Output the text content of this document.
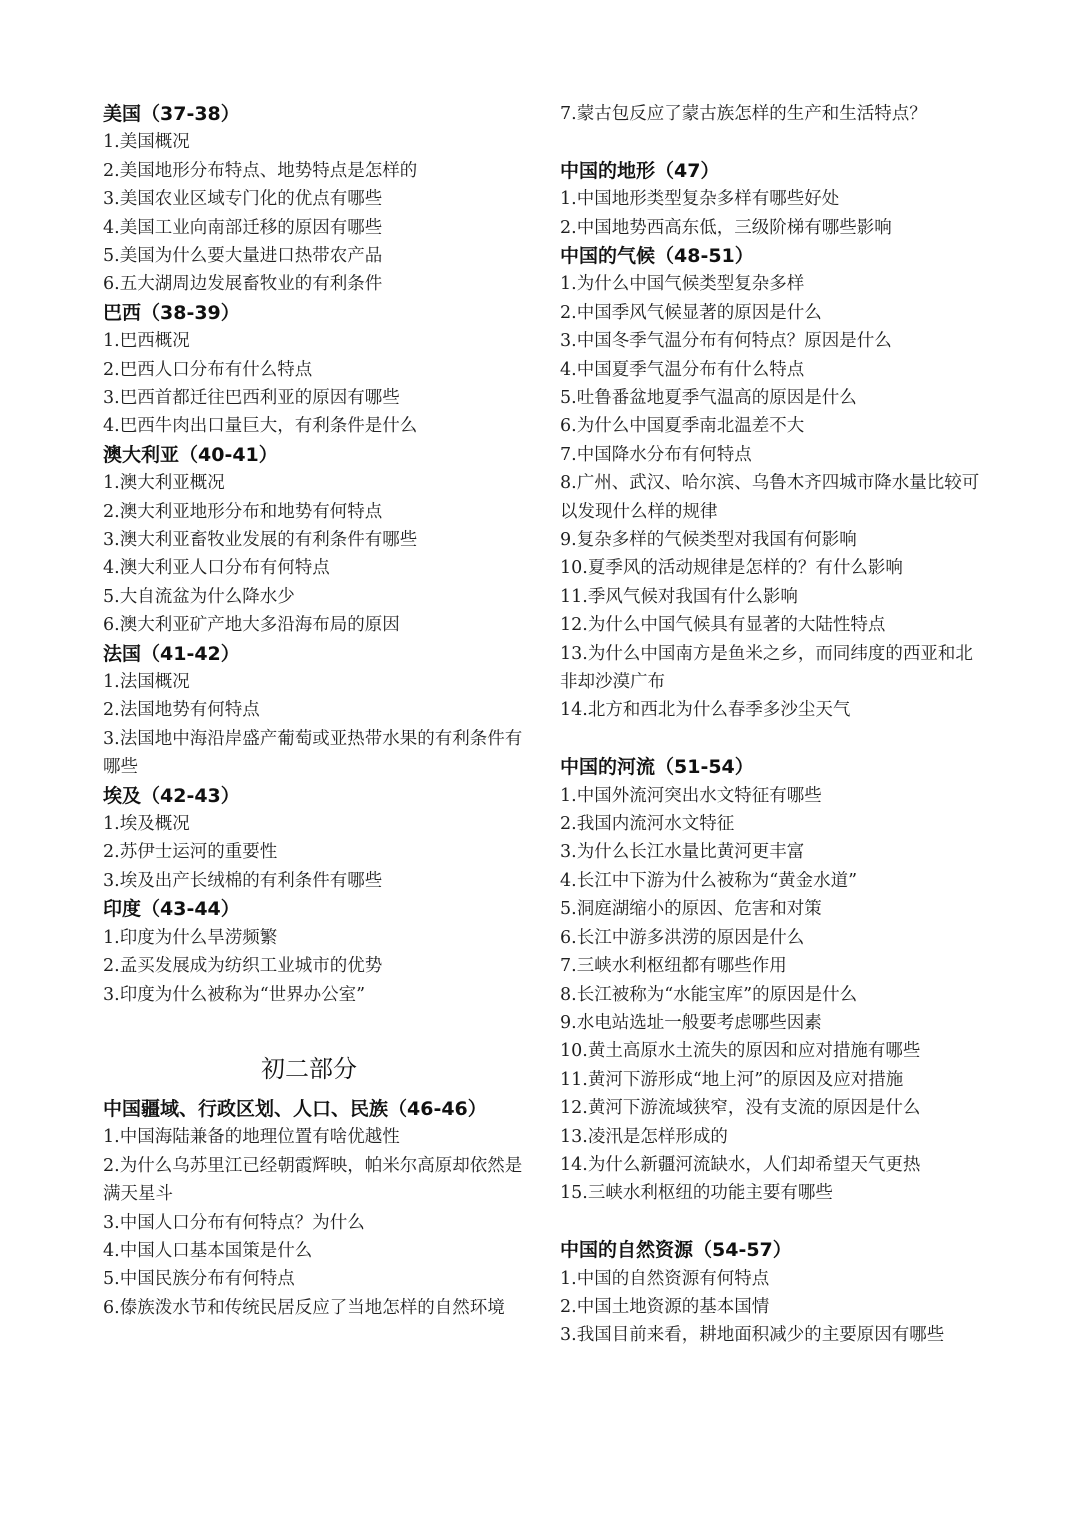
美国（37-38）
1.美国概况
2.美国地形分布特点、地势特点是怎样的
3.美国农业区域专门化的优点有哪些
4.美国工业向南部迁移的原因有哪些
5.美国为什么要大量进口热带农产品
6.五大湖周边发展畜牧业的有利条件
巴西（38-39）
1.巴西概况
2.巴西人口分布有什么特点
3.巴西首都迁往巴西利亚的原因有哪些
4.巴西牛肉出口量巨大，有利条件是什么
澳大利亚（40-41）
1.澳大利亚概况
2.澳大利亚地形分布和地势有何特点
3.澳大利亚畜牧业发展的有利条件有哪些
4.澳大利亚人口分布有何特点
5.大自流盆为什么降水少
6.澳大利亚矿产地大多沿海布局的原因
法国（41-42）
1.法国概况
2.法国地势有何特点
3.法国地中海沿岸盛产葡萄或亚热带水果的有利条件有哪些
埃及（42-43）
1.埃及概况
2.苏伊士运河的重要性
3.埃及出产长绒棉的有利条件有哪些
印度（43-44）
1.印度为什么旱涝频繁
2.孟买发展成为纺织工业城市的优势
3.印度为什么被称为“世界办公室”
初二部分
中国疆域、行政区划、人口、民族（46-46）
1.中国海陆兼备的地理位置有啥优越性
2.为什么乌苏里江已经朝霞辉映，帕米尔高原却依然是满天星斗
3.中国人口分布有何特点？为什么
4.中国人口基本国策是什么
5.中国民族分布有何特点
6.傣族泼水节和传统民居反应了当地怎样的自然环境
7.蒙古包反应了蒙古族怎样的生产和生活特点？
中国的地形（47）
1.中国地形类型复杂多样有哪些好处
2.中国地势西高东低，三级阶梯有哪些影响
中国的气候（48-51）
1.为什么中国气候类型复杂多样
2.中国季风气候显著的原因是什么
3.中国冬季气温分布有何特点？原因是什么
4.中国夏季气温分布有什么特点
5.吐鲁番盆地夏季气温高的原因是什么
6.为什么中国夏季南北温差不大
7.中国降水分布有何特点
8.广州、武汉、哈尔滨、乌鲁木齐四城市降水量比较可以发现什么样的规律
9.复杂多样的气候类型对我国有何影响
10.夏季风的活动规律是怎样的？有什么影响
11.季风气候对我国有什么影响
12.为什么中国气候具有显著的大陆性特点
13.为什么中国南方是鱼米之乡，而同纬度的西亚和北非却沙漠广布
14.北方和西北为什么春季多沙尘天气
中国的河流（51-54）
1.中国外流河突出水文特征有哪些
2.我国内流河水文特征
3.为什么长江水量比黄河更丰富
4.长江中下游为什么被称为“黄金水道”
5.洞庭湖缩小的原因、危害和对策
6.长江中游多洪涝的原因是什么
7.三峡水利枢纽都有哪些作用
8.长江被称为“水能宝库”的原因是什么
9.水电站选址一般要考虑哪些因素
10.黄土高原水土流失的原因和应对措施有哪些
11.黄河下游形成“地上河”的原因及应对措施
12.黄河下游流域狭窄，没有支流的原因是什么
13.凌汛是怎样形成的
14.为什么新疆河流缺水，人们却希望天气更热
15.三峡水利枢纽的功能主要有哪些
中国的自然资源（54-57）
1.中国的自然资源有何特点
2.中国土地资源的基本国情
3.我国目前来看，耕地面积减少的主要原因有哪些
